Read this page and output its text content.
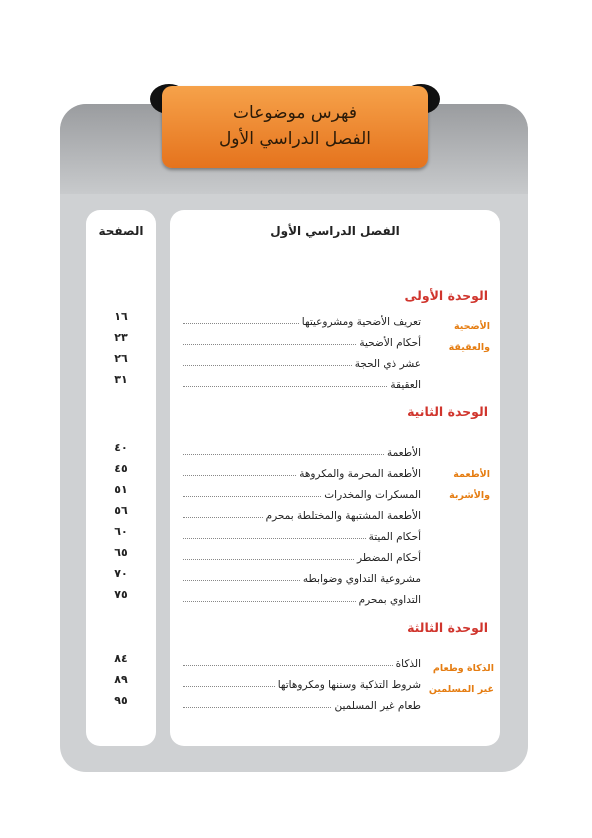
فهرس موضوعات
الفصل الدراسي الأول
الصفحة
١٦
٢٣
٢٦
٣١
٤٠
٤٥
٥١
٥٦
٦٠
٦٥
٧٠
٧٥
٨٤
٨٩
٩٥
الفصل الدراسي الأول
الوحدة الأولى
الأضحية
والعقيقة
تعريف الأضحية ومشروعيتها
أحكام الأضحية
عشر ذي الحجة
العقيقة
الوحدة الثانية
الأطعمة
والأشربة
الأطعمة
الأطعمة المحرمة والمكروهة
المسكرات والمخدرات
الأطعمة المشتبهة والمختلطة بمحرم
أحكام الميتة
أحكام المضطر
مشروعية التداوي وضوابطه
التداوي بمحرم
الوحدة الثالثة
الذكاة وطعام
غير المسلمين
الذكاة
شروط التذكية وسننها ومكروهاتها
طعام غير المسلمين
